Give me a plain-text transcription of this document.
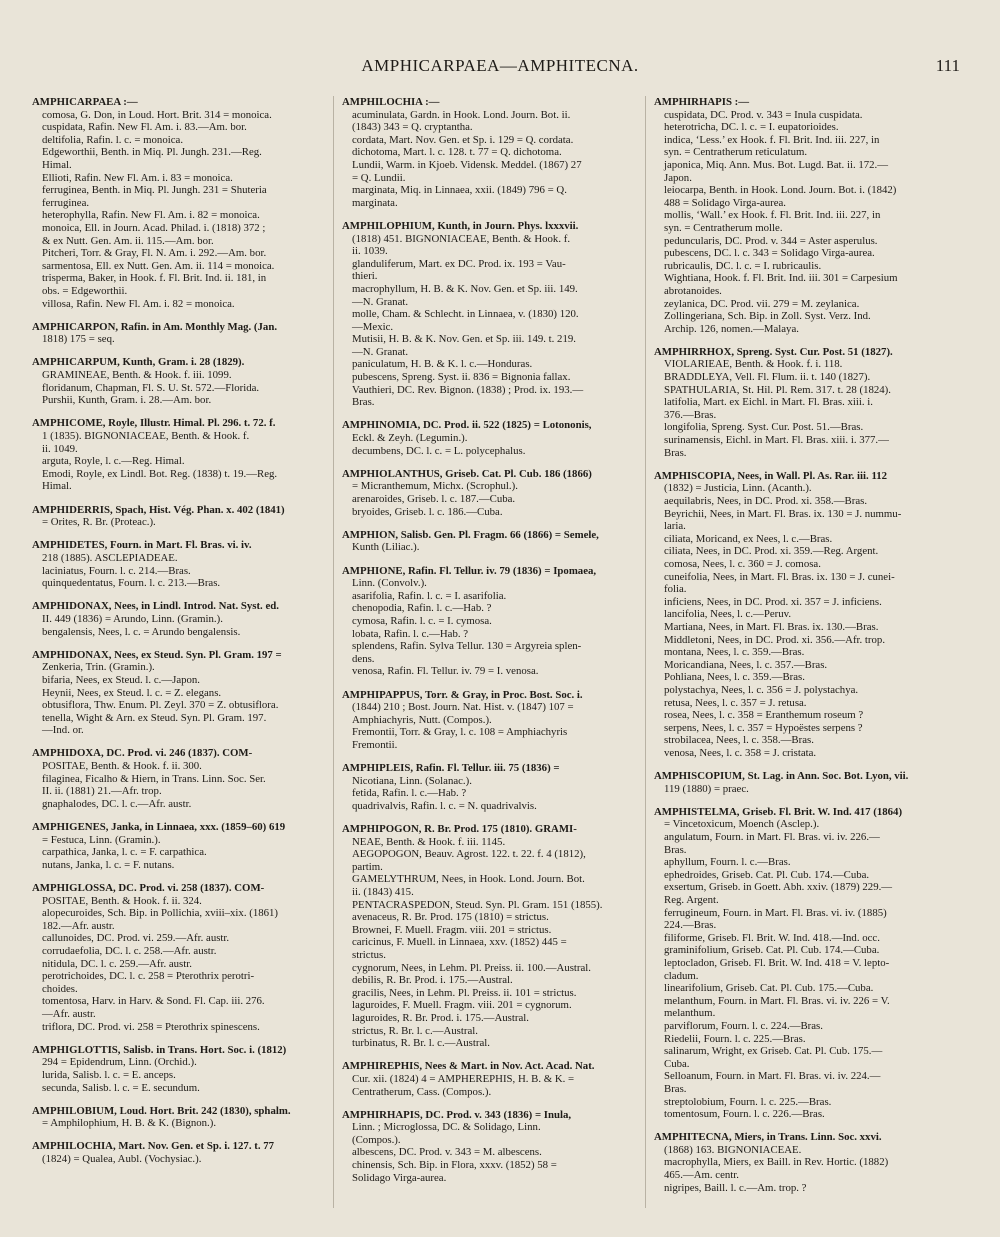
AMPHICARPAEA—AMPHITECNA.	111
AMPHICARPAEA :—
comosa, G. Don, in Loud. Hort. Brit. 314 = monoica.
cuspidata, Rafin. New Fl. Am. i. 83.—Am. bor.
deltifolia, Rafin. l. c. = monoica.
Edgeworthii, Benth. in Miq. Pl. Jungh. 231.—Reg.
Himal.
Ellioti, Rafin. New Fl. Am. i. 83 = monoica.
ferruginea, Benth. in Miq. Pl. Jungh. 231 = Shuteria
ferruginea.
heterophylla, Rafin. New Fl. Am. i. 82 = monoica.
monoica, Ell. in Journ. Acad. Philad. i. (1818) 372 ;
& ex Nutt. Gen. Am. ii. 115.—Am. bor.
Pitcheri, Torr. & Gray, Fl. N. Am. i. 292.—Am. bor.
sarmentosa, Ell. ex Nutt. Gen. Am. ii. 114 = monoica.
trisperma, Baker, in Hook. f. Fl. Brit. Ind. ii. 181, in
obs. = Edgeworthii.
villosa, Rafin. New Fl. Am. i. 82 = monoica.
AMPHICARPON, Rafin. in Am. Monthly Mag. (Jan.
1818) 175 = seq.
AMPHICARPUM, Kunth, Gram. i. 28 (1829).
GRAMINEAE, Benth. & Hook. f. iii. 1099.
floridanum, Chapman, Fl. S. U. St. 572.—Florida.
Purshii, Kunth, Gram. i. 28.—Am. bor.
AMPHICOME, Royle, Illustr. Himal. Pl. 296. t. 72. f.
1 (1835). BIGNONIACEAE, Benth. & Hook. f.
ii. 1049.
arguta, Royle, l. c.—Reg. Himal.
Emodi, Royle, ex Lindl. Bot. Reg. (1838) t. 19.—Reg.
Himal.
AMPHIDERRIS, Spach, Hist. Vég. Phan. x. 402 (1841)
= Orites, R. Br. (Proteac.).
AMPHIDETES, Fourn. in Mart. Fl. Bras. vi. iv.
218 (1885). ASCLEPIADEAE.
laciniatus, Fourn. l. c. 214.—Bras.
quinquedentatus, Fourn. l. c. 213.—Bras.
AMPHIDONAX, Nees, in Lindl. Introd. Nat. Syst. ed.
II. 449 (1836) = Arundo, Linn. (Gramin.).
bengalensis, Nees, l. c. = Arundo bengalensis.
AMPHIDONAX, Nees, ex Steud. Syn. Pl. Gram. 197 =
Zenkeria, Trin. (Gramin.).
bifaria, Nees, ex Steud. l. c.—Japon.
Heynii, Nees, ex Steud. l. c. = Z. elegans.
obtusiflora, Thw. Enum. Pl. Zeyl. 370 = Z. obtusiflora.
tenella, Wight & Arn. ex Steud. Syn. Pl. Gram. 197.
—Ind. or.
AMPHIDOXA, DC. Prod. vi. 246 (1837). COM-
POSITAE, Benth. & Hook. f. ii. 300.
filaginea, Ficalho & Hiern, in Trans. Linn. Soc. Ser.
II. ii. (1881) 21.—Afr. trop.
gnaphalodes, DC. l. c.—Afr. austr.
AMPHIGENES, Janka, in Linnaea, xxx. (1859–60) 619
= Festuca, Linn. (Gramin.).
carpathica, Janka, l. c. = F. carpathica.
nutans, Janka, l. c. = F. nutans.
AMPHIGLOSSA, DC. Prod. vi. 258 (1837). COM-
POSITAE, Benth. & Hook. f. ii. 324.
alopecuroides, Sch. Bip. in Pollichia, xviii–xix. (1861)
182.—Afr. austr.
callunoides, DC. Prod. vi. 259.—Afr. austr.
corrudaefolia, DC. l. c. 258.—Afr. austr.
nitidula, DC. l. c. 259.—Afr. austr.
perotrichoides, DC. l. c. 258 = Pterothrix perotri-
choides.
tomentosa, Harv. in Harv. & Sond. Fl. Cap. iii. 276.
—Afr. austr.
triflora, DC. Prod. vi. 258 = Pterothrix spinescens.
AMPHIGLOTTIS, Salisb. in Trans. Hort. Soc. i. (1812)
294 = Epidendrum, Linn. (Orchid.).
lurida, Salisb. l. c. = E. anceps.
secunda, Salisb. l. c. = E. secundum.
AMPHILOBIUM, Loud. Hort. Brit. 242 (1830), sphalm.
= Amphilophium, H. B. & K. (Bignon.).
AMPHILOCHIA, Mart. Nov. Gen. et Sp. i. 127. t. 77
(1824) = Qualea, Aubl. (Vochysiac.).
AMPHILOCHIA :—
acuminulata, Gardn. in Hook. Lond. Journ. Bot. ii.
(1843) 343 = Q. cryptantha.
cordata, Mart. Nov. Gen. et Sp. i. 129 = Q. cordata.
dichotoma, Mart. l. c. 128. t. 77 = Q. dichotoma.
Lundii, Warm. in Kjoeb. Vidensk. Meddel. (1867) 27
= Q. Lundii.
marginata, Miq. in Linnaea, xxii. (1849) 796 = Q.
marginata.
AMPHILOPHIUM, Kunth, in Journ. Phys. lxxxvii.
(1818) 451. BIGNONIACEAE, Benth. & Hook. f.
ii. 1039.
glanduliferum, Mart. ex DC. Prod. ix. 193 = Vau-
thieri.
macrophyllum, H. B. & K. Nov. Gen. et Sp. iii. 149.
—N. Granat.
molle, Cham. & Schlecht. in Linnaea, v. (1830) 120.
—Mexic.
Mutisii, H. B. & K. Nov. Gen. et Sp. iii. 149. t. 219.
—N. Granat.
paniculatum, H. B. & K. l. c.—Honduras.
pubescens, Spreng. Syst. ii. 836 = Bignonia fallax.
Vauthieri, DC. Rev. Bignon. (1838) ; Prod. ix. 193.—
Bras.
AMPHINOMIA, DC. Prod. ii. 522 (1825) = Lotononis,
Eckl. & Zeyh. (Legumin.).
decumbens, DC. l. c. = L. polycephalus.
AMPHIOLANTHUS, Griseb. Cat. Pl. Cub. 186 (1866)
= Micranthemum, Michx. (Scrophul.).
arenaroides, Griseb. l. c. 187.—Cuba.
bryoides, Griseb. l. c. 186.—Cuba.
AMPHION, Salisb. Gen. Pl. Fragm. 66 (1866) = Semele,
Kunth (Liliac.).
AMPHIONE, Rafin. Fl. Tellur. iv. 79 (1836) = Ipomaea,
Linn. (Convolv.).
asarifolia, Rafin. l. c. = I. asarifolia.
chenopodia, Rafin. l. c.—Hab. ?
cymosa, Rafin. l. c. = I. cymosa.
lobata, Rafin. l. c.—Hab. ?
splendens, Rafin. Sylva Tellur. 130 = Argyreia splen-
dens.
venosa, Rafin. Fl. Tellur. iv. 79 = I. venosa.
AMPHIPAPPUS, Torr. & Gray, in Proc. Bost. Soc. i.
(1844) 210 ; Bost. Journ. Nat. Hist. v. (1847) 107 =
Amphiachyris, Nutt. (Compos.).
Fremontii, Torr. & Gray, l. c. 108 = Amphiachyris
Fremontii.
AMPHIPLEIS, Rafin. Fl. Tellur. iii. 75 (1836) =
Nicotiana, Linn. (Solanac.).
fetida, Rafin. l. c.—Hab. ?
quadrivalvis, Rafin. l. c. = N. quadrivalvis.
AMPHIPOGON, R. Br. Prod. 175 (1810). GRAMI-
NEAE, Benth. & Hook. f. iii. 1145.
AEGOPOGON, Beauv. Agrost. 122. t. 22. f. 4 (1812),
partim.
GAMELYTHRUM, Nees, in Hook. Lond. Journ. Bot.
ii. (1843) 415.
PENTACRASPEDON, Steud. Syn. Pl. Gram. 151 (1855).
avenaceus, R. Br. Prod. 175 (1810) = strictus.
Brownei, F. Muell. Fragm. viii. 201 = strictus.
caricinus, F. Muell. in Linnaea, xxv. (1852) 445 =
strictus.
cygnorum, Nees, in Lehm. Pl. Preiss. ii. 100.—Austral.
debilis, R. Br. Prod. i. 175.—Austral.
gracilis, Nees, in Lehm. Pl. Preiss. ii. 101 = strictus.
laguroides, F. Muell. Fragm. viii. 201 = cygnorum.
laguroides, R. Br. Prod. i. 175.—Austral.
strictus, R. Br. l. c.—Austral.
turbinatus, R. Br. l. c.—Austral.
AMPHIREPHIS, Nees & Mart. in Nov. Act. Acad. Nat.
Cur. xii. (1824) 4 = AMPHEREPHIS, H. B. & K. =
Centratherum, Cass. (Compos.).
AMPHIRHAPIS, DC. Prod. v. 343 (1836) = Inula,
Linn. ; Microglossa, DC. & Solidago, Linn.
(Compos.).
albescens, DC. Prod. v. 343 = M. albescens.
chinensis, Sch. Bip. in Flora, xxxv. (1852) 58 =
Solidago Virga-aurea.
AMPHIRHAPIS :—
cuspidata, DC. Prod. v. 343 = Inula cuspidata.
heterotricha, DC. l. c. = I. eupatorioides.
indica, ‘Less.’ ex Hook. f. Fl. Brit. Ind. iii. 227, in
syn. = Centratherum reticulatum.
japonica, Miq. Ann. Mus. Bot. Lugd. Bat. ii. 172.—
Japon.
leiocarpa, Benth. in Hook. Lond. Journ. Bot. i. (1842)
488 = Solidago Virga-aurea.
mollis, ‘Wall.’ ex Hook. f. Fl. Brit. Ind. iii. 227, in
syn. = Centratherum molle.
peduncularis, DC. Prod. v. 344 = Aster asperulus.
pubescens, DC. l. c. 343 = Solidago Virga-aurea.
rubricaulis, DC. l. c. = I. rubricaulis.
Wightiana, Hook. f. Fl. Brit. Ind. iii. 301 = Carpesium
abrotanoides.
zeylanica, DC. Prod. vii. 279 = M. zeylanica.
Zollingeriana, Sch. Bip. in Zoll. Syst. Verz. Ind.
Archip. 126, nomen.—Malaya.
AMPHIRRHOX, Spreng. Syst. Cur. Post. 51 (1827).
VIOLARIEAE, Benth. & Hook. f. i. 118.
BRADDLEYA, Vell. Fl. Flum. ii. t. 140 (1827).
SPATHULARIA, St. Hil. Pl. Rem. 317. t. 28 (1824).
latifolia, Mart. ex Eichl. in Mart. Fl. Bras. xiii. i.
376.—Bras.
longifolia, Spreng. Syst. Cur. Post. 51.—Bras.
surinamensis, Eichl. in Mart. Fl. Bras. xiii. i. 377.—
Bras.
AMPHISCOPIA, Nees, in Wall. Pl. As. Rar. iii. 112
(1832) = Justicia, Linn. (Acanth.).
aequilabris, Nees, in DC. Prod. xi. 358.—Bras.
Beyrichii, Nees, in Mart. Fl. Bras. ix. 130 = J. nummu-
laria.
ciliata, Moricand, ex Nees, l. c.—Bras.
ciliata, Nees, in DC. Prod. xi. 359.—Reg. Argent.
comosa, Nees, l. c. 360 = J. comosa.
cuneifolia, Nees, in Mart. Fl. Bras. ix. 130 = J. cunei-
folia.
inficiens, Nees, in DC. Prod. xi. 357 = J. inficiens.
lancifolia, Nees, l. c.—Peruv.
Martiana, Nees, in Mart. Fl. Bras. ix. 130.—Bras.
Middletoni, Nees, in DC. Prod. xi. 356.—Afr. trop.
montana, Nees, l. c. 359.—Bras.
Moricandiana, Nees, l. c. 357.—Bras.
Pohliana, Nees, l. c. 359.—Bras.
polystachya, Nees, l. c. 356 = J. polystachya.
retusa, Nees, l. c. 357 = J. retusa.
rosea, Nees, l. c. 358 = Eranthemum roseum ?
serpens, Nees, l. c. 357 = Hypoëstes serpens ?
strobilacea, Nees, l. c. 358.—Bras.
venosa, Nees, l. c. 358 = J. cristata.
AMPHISCOPIUM, St. Lag. in Ann. Soc. Bot. Lyon, vii.
119 (1880) = praec.
AMPHISTELMA, Griseb. Fl. Brit. W. Ind. 417 (1864)
= Vincetoxicum, Moench (Asclep.).
angulatum, Fourn. in Mart. Fl. Bras. vi. iv. 226.—
Bras.
aphyllum, Fourn. l. c.—Bras.
ephedroides, Griseb. Cat. Pl. Cub. 174.—Cuba.
exsertum, Griseb. in Goett. Abh. xxiv. (1879) 229.—
Reg. Argent.
ferrugineum, Fourn. in Mart. Fl. Bras. vi. iv. (1885)
224.—Bras.
filiforme, Griseb. Fl. Brit. W. Ind. 418.—Ind. occ.
graminifolium, Griseb. Cat. Pl. Cub. 174.—Cuba.
leptocladon, Griseb. Fl. Brit. W. Ind. 418 = V. lepto-
cladum.
linearifolium, Griseb. Cat. Pl. Cub. 175.—Cuba.
melanthum, Fourn. in Mart. Fl. Bras. vi. iv. 226 = V.
melanthum.
parviflorum, Fourn. l. c. 224.—Bras.
Riedelii, Fourn. l. c. 225.—Bras.
salinarum, Wright, ex Griseb. Cat. Pl. Cub. 175.—
Cuba.
Selloanum, Fourn. in Mart. Fl. Bras. vi. iv. 224.—
Bras.
streptolobium, Fourn. l. c. 225.—Bras.
tomentosum, Fourn. l. c. 226.—Bras.
AMPHITECNA, Miers, in Trans. Linn. Soc. xxvi.
(1868) 163. BIGNONIACEAE.
macrophylla, Miers, ex Baill. in Rev. Hortic. (1882)
465.—Am. centr.
nigripes, Baill. l. c.—Am. trop. ?
